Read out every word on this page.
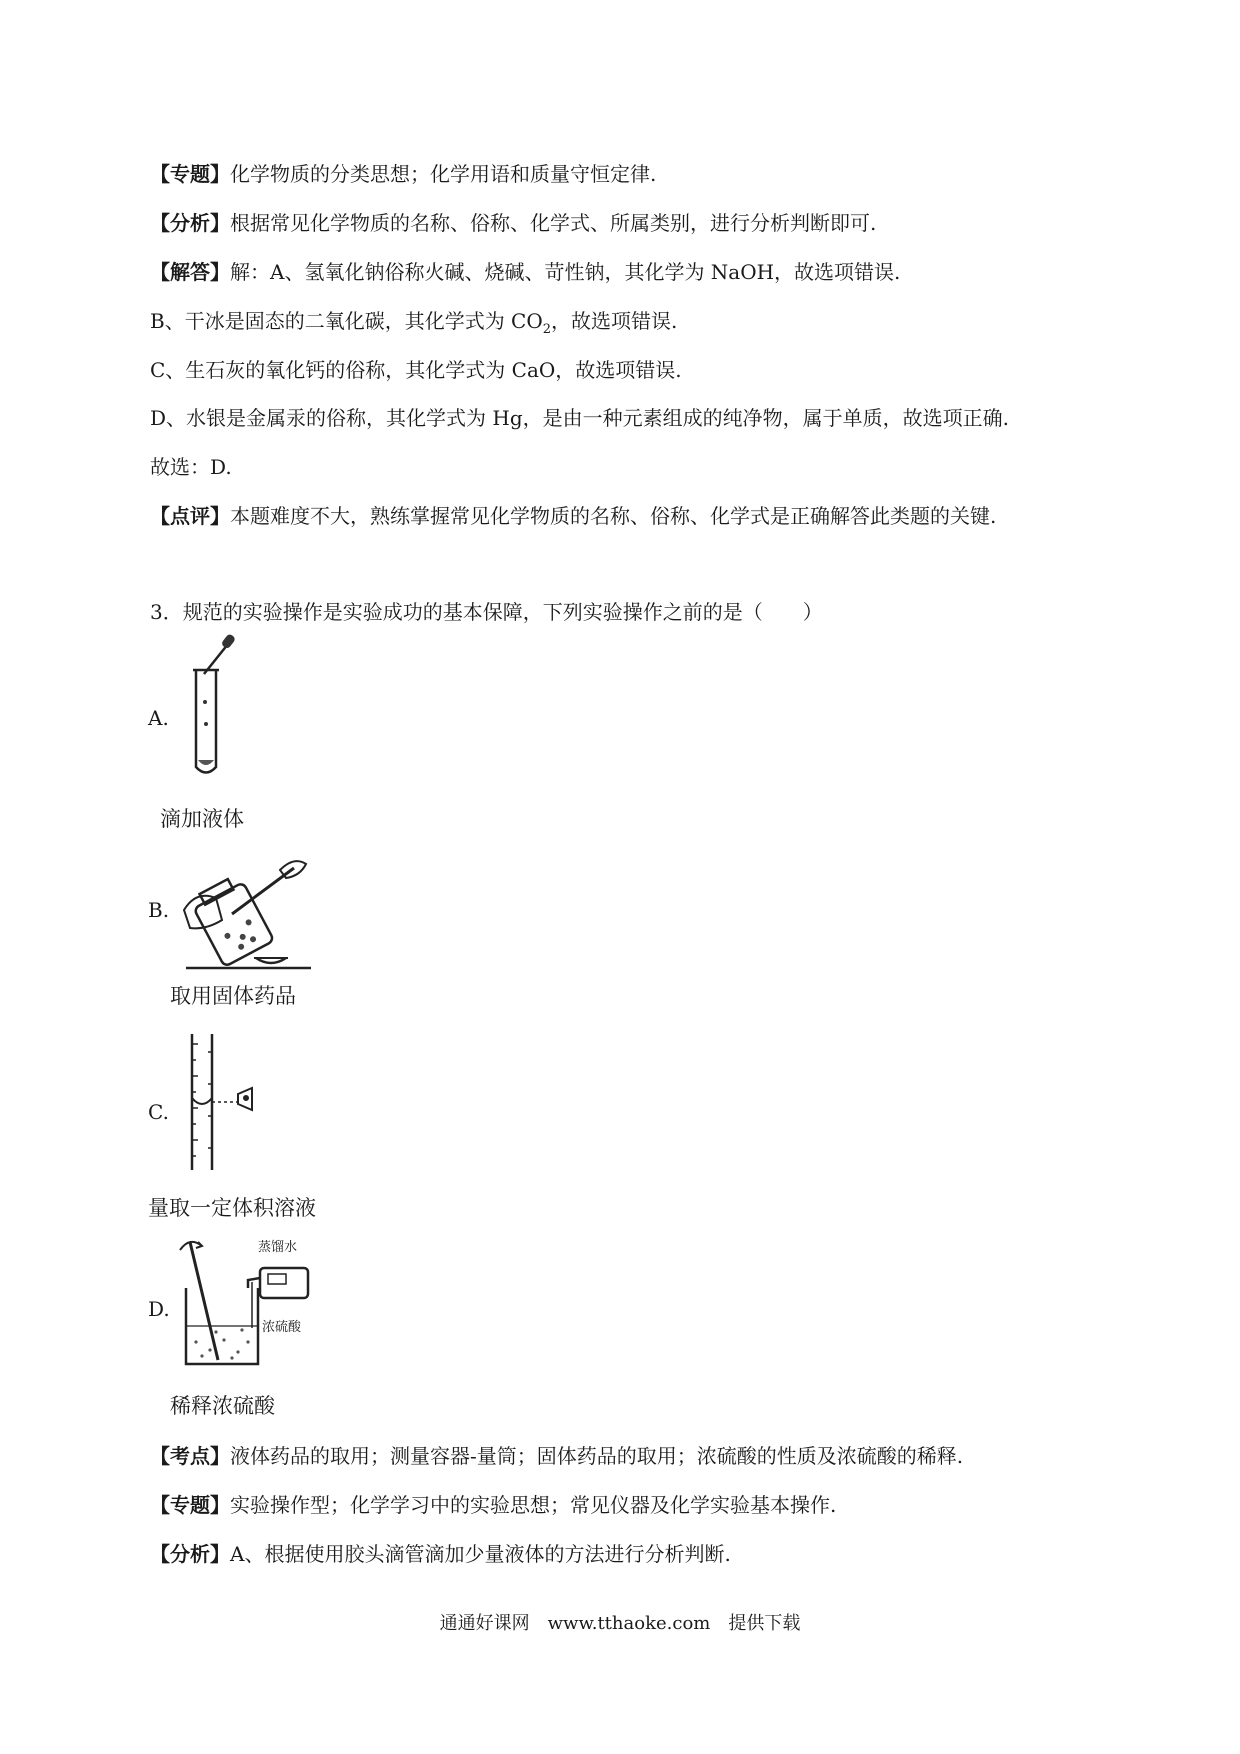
【专题】化学物质的分类思想；化学用语和质量守恒定律.
【分析】根据常见化学物质的名称、俗称、化学式、所属类别，进行分析判断即可.
【解答】解：A、氢氧化钠俗称火碱、烧碱、苛性钠，其化学为 NaOH，故选项错误.
B、干冰是固态的二氧化碳，其化学式为 $CO_2$，故选项错误.
C、生石灰的氧化钙的俗称，其化学式为 CaO，故选项错误.
D、水银是金属汞的俗称，其化学式为 Hg，是由一种元素组成的纯净物，属于单质，故选项正确.
故选：D.
【点评】本题难度不大，熟练掌握常见化学物质的名称、俗称、化学式是正确解答此类题的关键.
3．规范的实验操作是实验成功的基本保障，下列实验操作之前的是（　　）
A.
滴加液体
B.
取用固体药品
C.
量取一定体积溶液
D.
蒸馏水
浓硫酸
稀释浓硫酸
【考点】液体药品的取用；测量容器-量筒；固体药品的取用；浓硫酸的性质及浓硫酸的稀释.
【专题】实验操作型；化学学习中的实验思想；常见仪器及化学实验基本操作.
【分析】A、根据使用胶头滴管滴加少量液体的方法进行分析判断.
通通好课网　www.tthaoke.com　提供下载
